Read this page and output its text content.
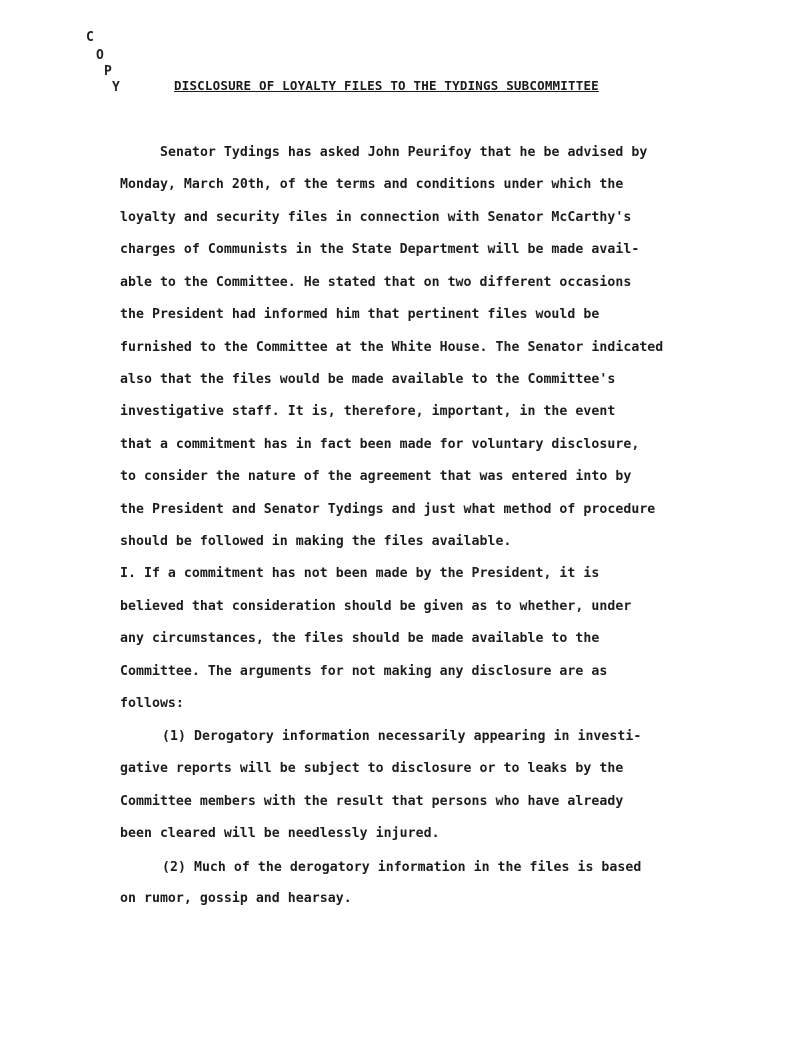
C
O
P
Y	DISCLOSURE OF LOYALTY FILES TO THE TYDINGS SUBCOMMITTEE
Senator Tydings has asked John Peurifoy that he be advised by
Monday, March 20th, of the terms and conditions under which the
loyalty and security files in connection with Senator McCarthy's
charges of Communists in the State Department will be made avail-
able to the Committee. He stated that on two different occasions
the President had informed him that pertinent files would be
furnished to the Committee at the White House. The Senator indicated
also that the files would be made available to the Committee's
investigative staff. It is, therefore, important, in the event
that a commitment has in fact been made for voluntary disclosure,
to consider the nature of the agreement that was entered into by
the President and Senator Tydings and just what method of procedure
should be followed in making the files available.
I. If a commitment has not been made by the President, it is
believed that consideration should be given as to whether, under
any circumstances, the files should be made available to the
Committee. The arguments for not making any disclosure are as
follows:
(1) Derogatory information necessarily appearing in investi-
gative reports will be subject to disclosure or to leaks by the
Committee members with the result that persons who have already
been cleared will be needlessly injured.
(2) Much of the derogatory information in the files is based
on rumor, gossip and hearsay.
